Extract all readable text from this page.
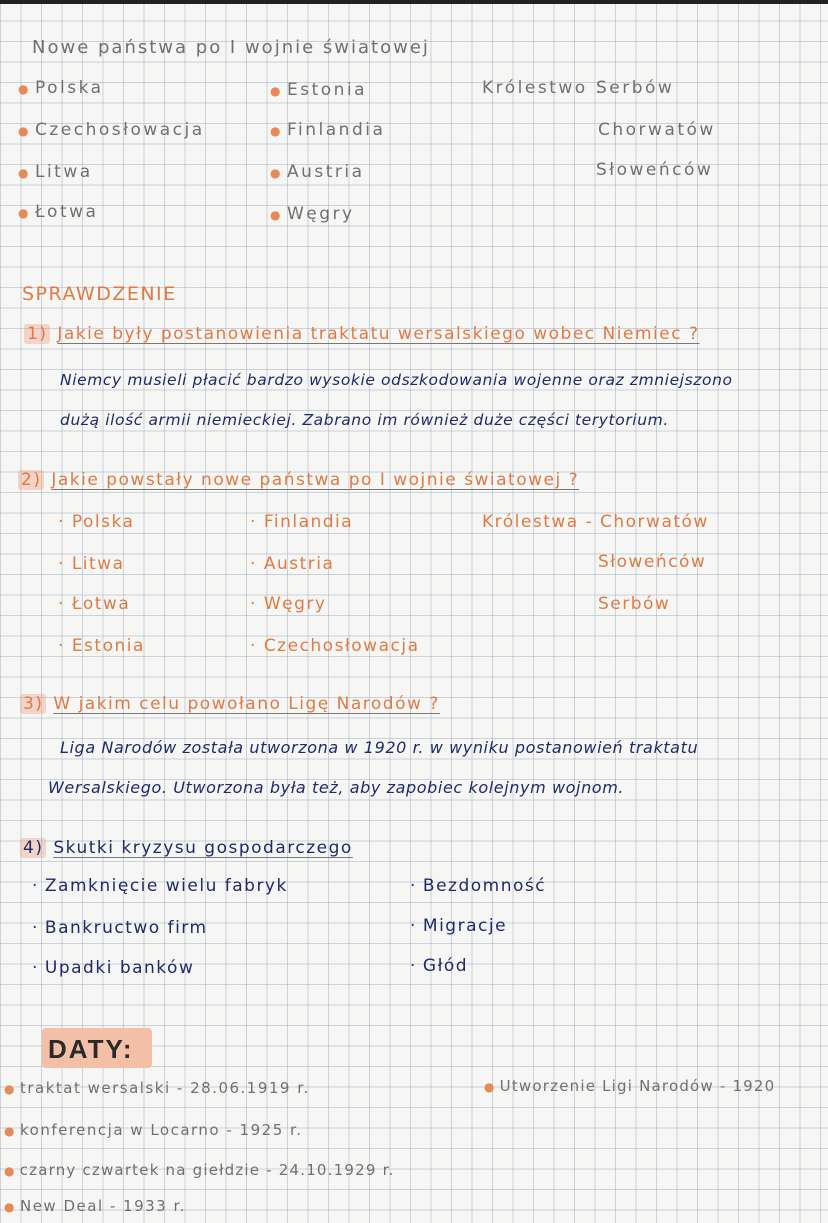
Nowe państwa po I wojnie światowej
● Polska
● Czechosłowacja
● Litwa
● Łotwa
● Estonia
● Finlandia
● Austria
● Węgry
Królestwo :
Serbów
Chorwatów
Słoweńców
SPRAWDZENIE
1) Jakie były postanowienia traktatu wersalskiego wobec Niemiec ?
Niemcy musieli płacić bardzo wysokie odszkodowania wojenne oraz zmniejszono
dużą ilość armii niemieckiej. Zabrano im również duże części terytorium.
2) Jakie powstały nowe państwa po I wojnie światowej ?
· Polska
· Litwa
· Łotwa
· Estonia
· Finlandia
· Austria
· Węgry
· Czechosłowacja
Królestwa - Chorwatów
Słoweńców
Serbów
3) W jakim celu powołano Ligę Narodów ?
Liga Narodów została utworzona w 1920 r. w wyniku postanowień traktatu
Wersalskiego. Utworzona była też, aby zapobiec kolejnym wojnom.
4) Skutki kryzysu gospodarczego
· Zamknięcie wielu fabryk
· Bankructwo firm
· Upadki banków
· Bezdomność
· Migracje
· Głód
DATY:
● traktat wersalski - 28.06.1919 r.
● konferencja w Locarno - 1925 r.
● czarny czwartek na giełdzie - 24.10.1929 r.
● New Deal - 1933 r.
● Utworzenie Ligi Narodów - 1920
